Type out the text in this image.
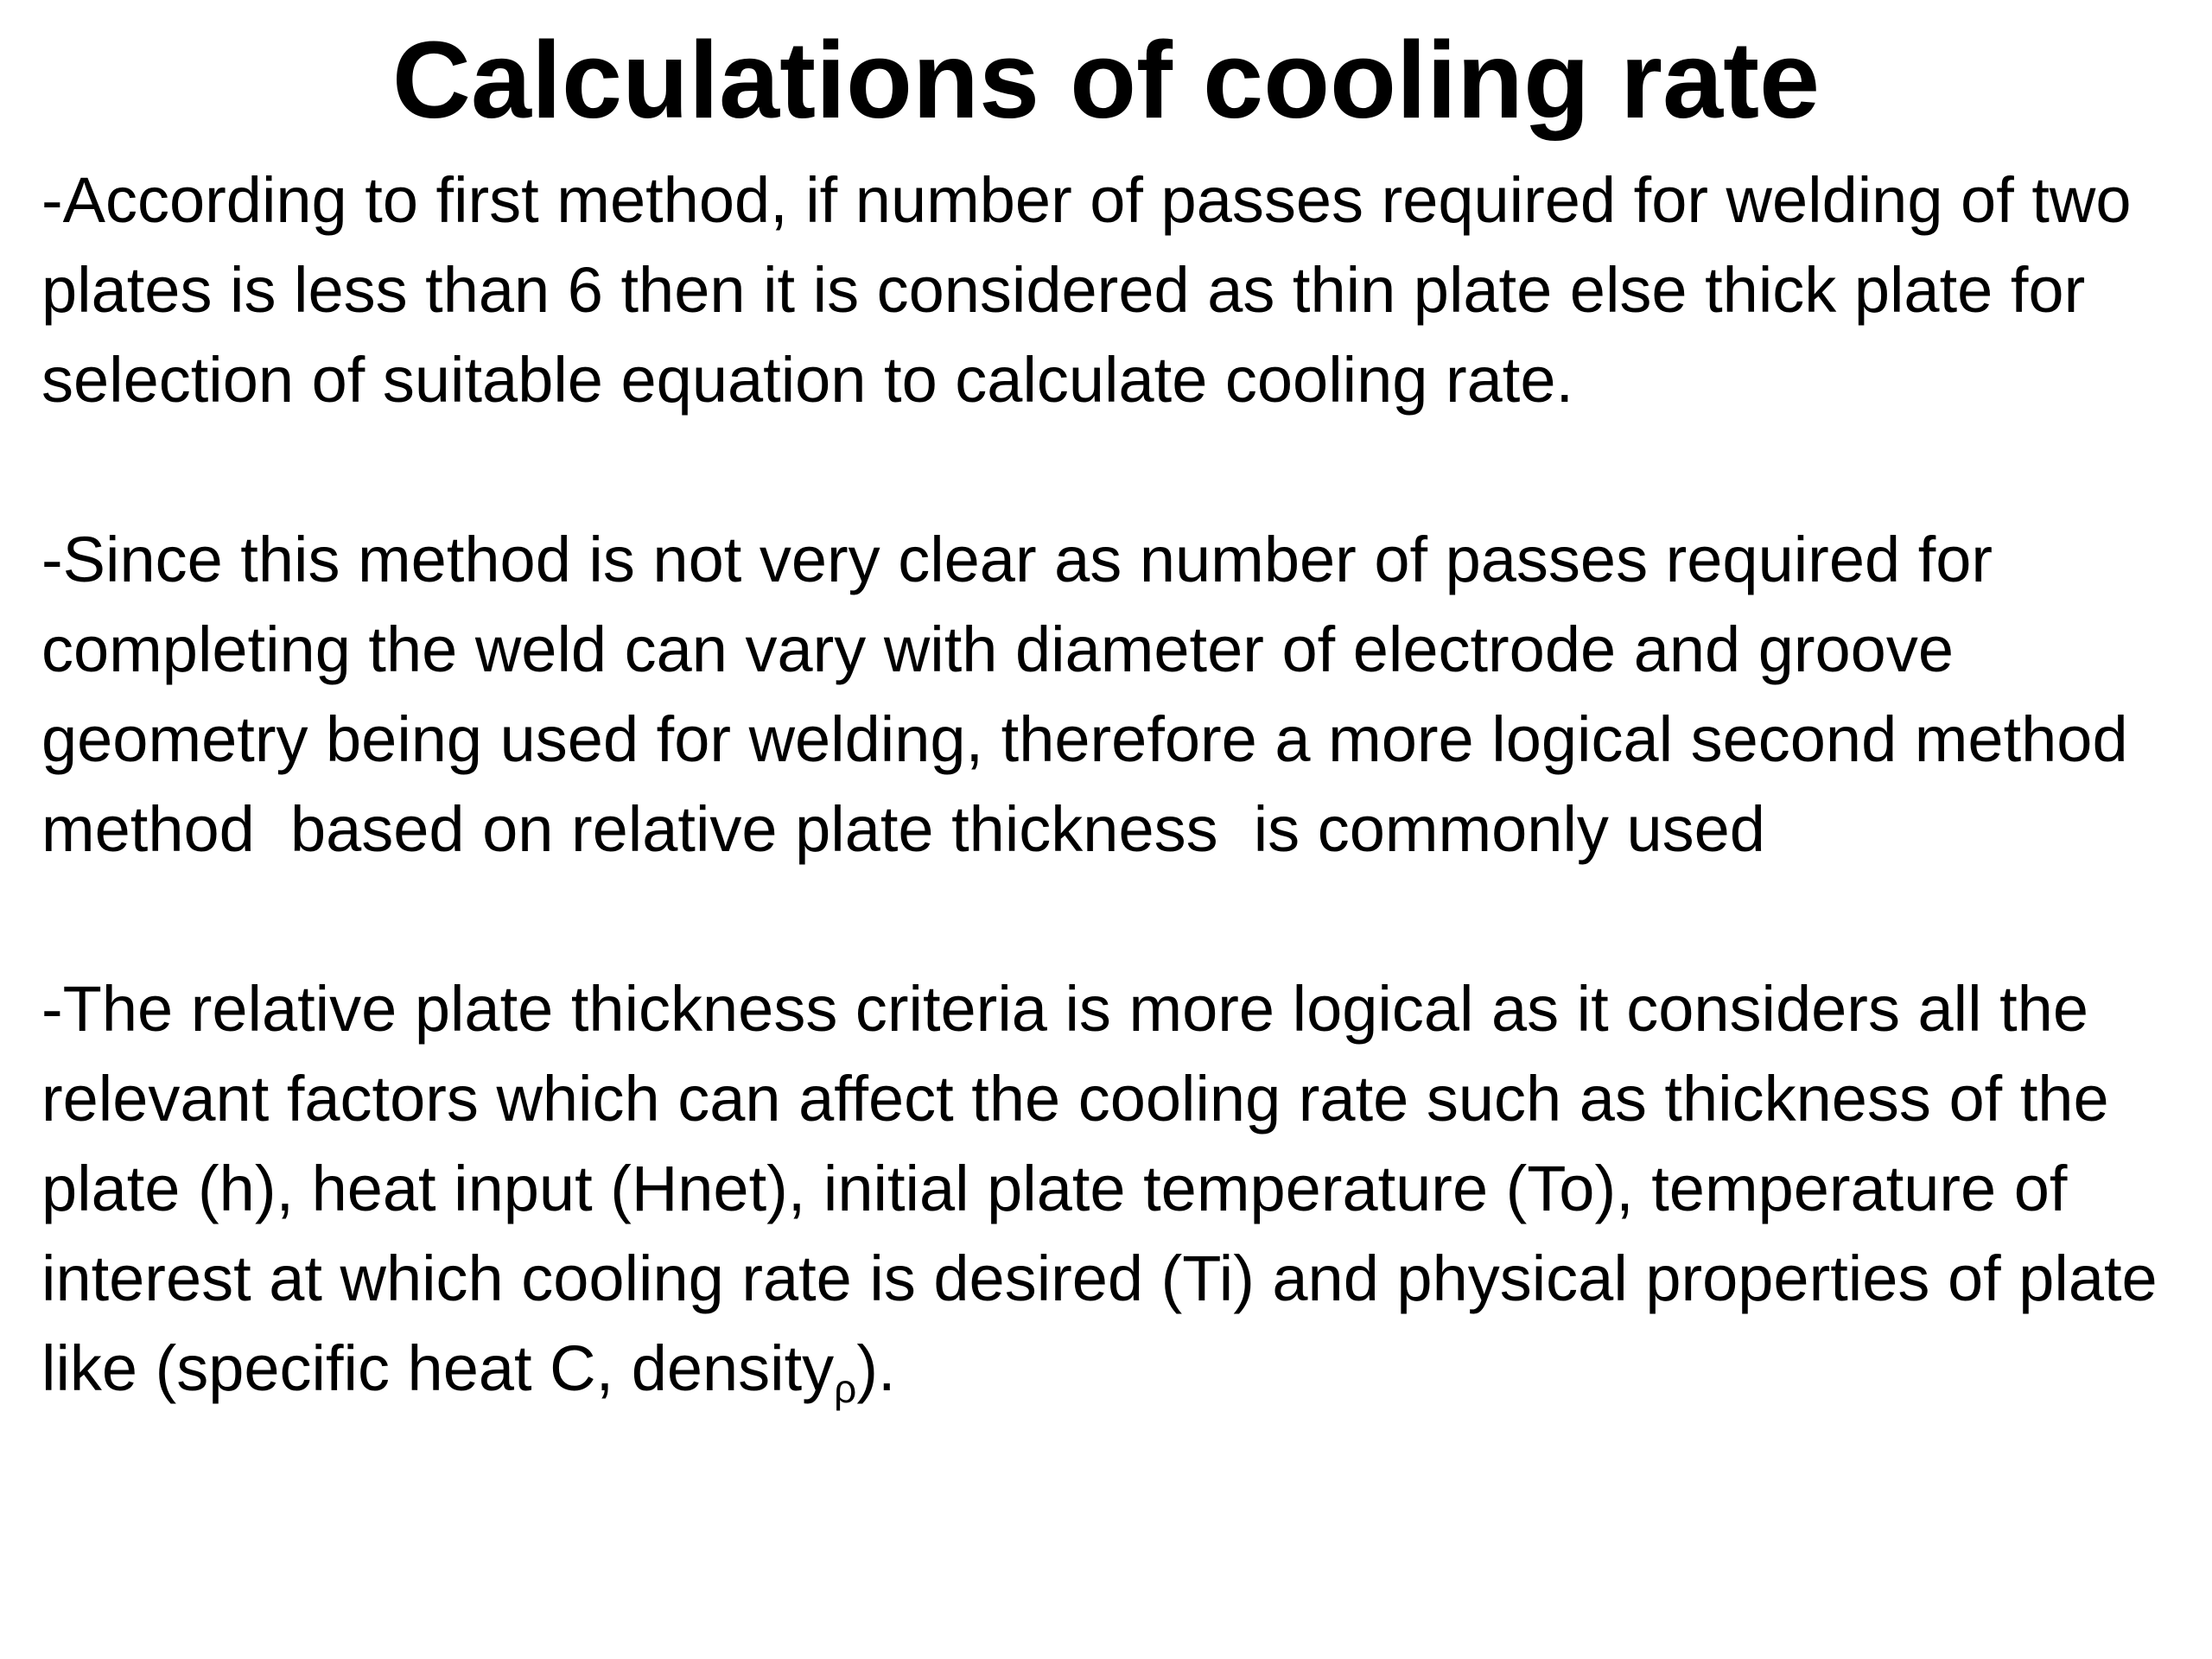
Calculations of cooling rate

-According to first method, if number of passes required for welding of two plates is less than 6 then it is considered as thin plate else thick plate for selection of suitable equation to calculate cooling rate.

-Since this method is not very clear as number of passes required for completing the weld can vary with diameter of electrode and groove geometry being used for welding, therefore a more logical second method method  based on relative plate thickness  is commonly used

-The relative plate thickness criteria is more logical as it considers all the relevant factors which can affect the cooling rate such as thickness of the plate (h), heat input (Hnet), initial plate temperature (To), temperature of interest at which cooling rate is desired (Ti) and physical properties of plate like (specific heat C, density$_\rho$).
